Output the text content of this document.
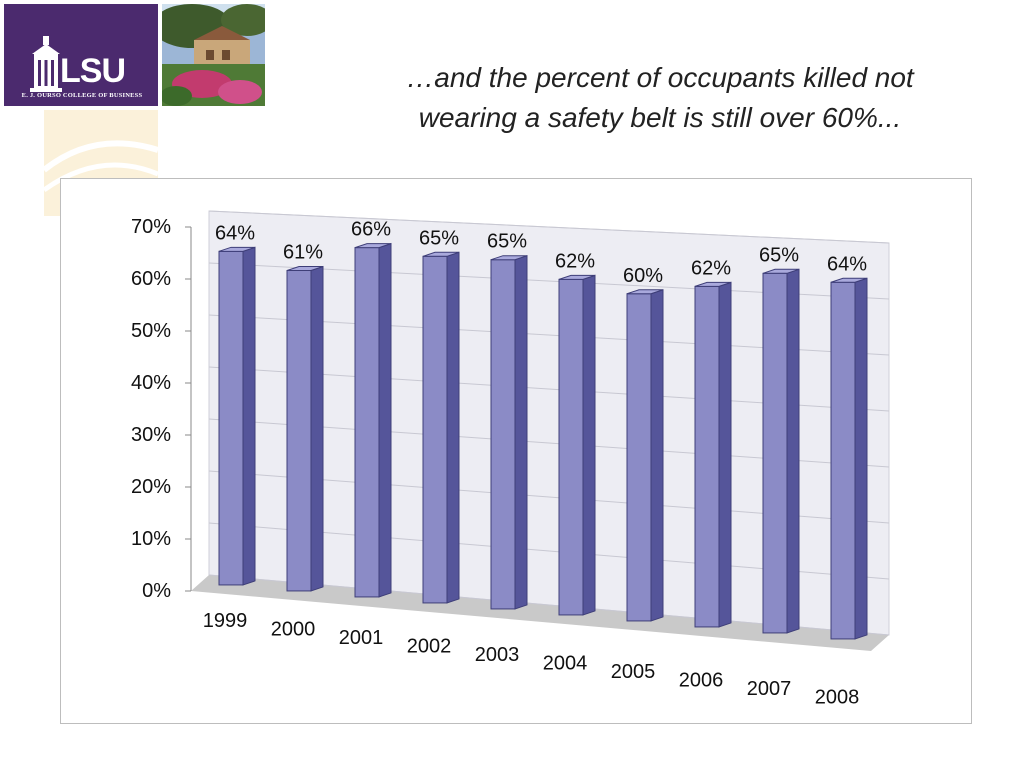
LSU
E. J. OURSO COLLEGE OF BUSINESS
…and the percent of occupants killed not
wearing a safety belt is still over 60%...
0%
10%
20%
30%
40%
50%
60%
70% 64%
61%
66% 65% 65%
62%
60% 62%
65% 64%
1999 2000 2001 2002 2003 2004 2005 2006 2007 2008
